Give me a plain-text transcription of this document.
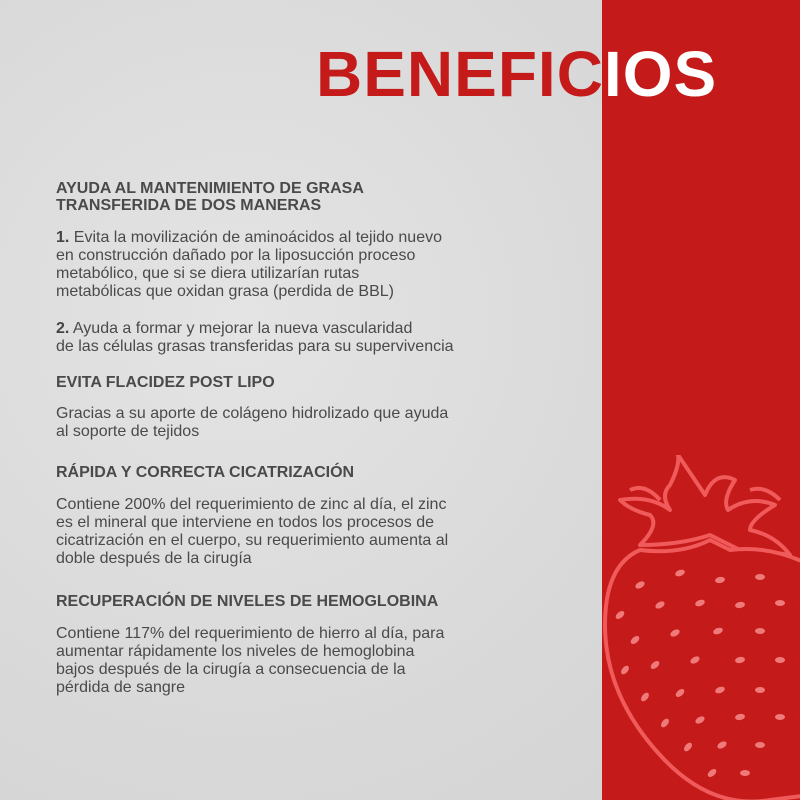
BENEFICIOS
AYUDA AL MANTENIMIENTO DE GRASA
TRANSFERIDA DE DOS MANERAS
1. Evita la movilización de aminoácidos al tejido nuevo
en construcción dañado por la liposucción proceso
metabólico, que si se diera utilizarían rutas
metabólicas que oxidan grasa (perdida de BBL)
2. Ayuda a formar y mejorar la nueva vascularidad
de las células grasas transferidas para su supervivencia
EVITA FLACIDEZ POST LIPO
Gracias a su aporte de colágeno hidrolizado que ayuda
al soporte de tejidos
RÁPIDA Y CORRECTA CICATRIZACIÓN
Contiene 200% del requerimiento de zinc al día, el zinc
es el mineral que interviene en todos los procesos de
cicatrización en el cuerpo, su requerimiento aumenta al
doble después de la cirugía
RECUPERACIÓN DE NIVELES DE HEMOGLOBINA
Contiene 117% del requerimiento de hierro al día, para
aumentar rápidamente los niveles de hemoglobina
bajos después de la cirugía a consecuencia de la
pérdida de sangre
